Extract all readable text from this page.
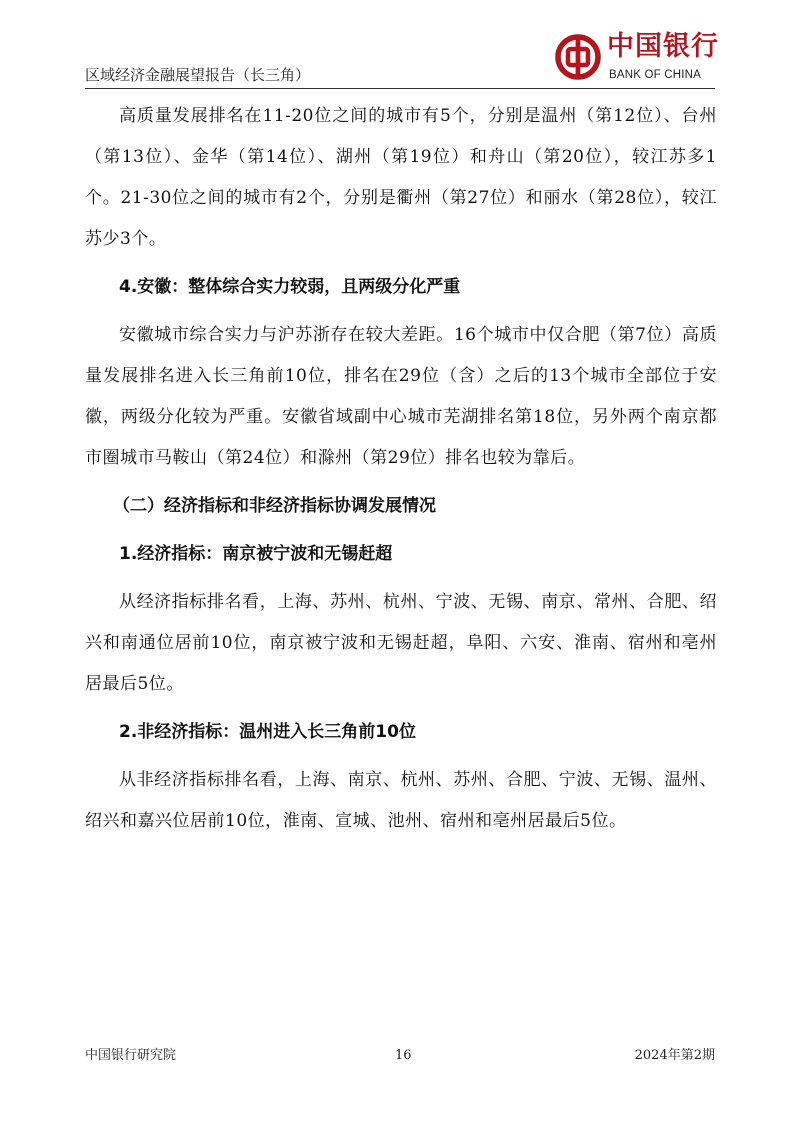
区域经济金融展望报告（长三角）
中国银行
BANK OF CHINA

高质量发展排名在11-20位之间的城市有5个，分别是温州（第12位）、台州（第13位）、金华（第14位）、湖州（第19位）和舟山（第20位），较江苏多1个。21-30位之间的城市有2个，分别是衢州（第27位）和丽水（第28位），较江苏少3个。

4.安徽：整体综合实力较弱，且两级分化严重

安徽城市综合实力与沪苏浙存在较大差距。16个城市中仅合肥（第7位）高质量发展排名进入长三角前10位，排名在29位（含）之后的13个城市全部位于安徽，两级分化较为严重。安徽省域副中心城市芜湖排名第18位，另外两个南京都市圈城市马鞍山（第24位）和滁州（第29位）排名也较为靠后。

（二）经济指标和非经济指标协调发展情况
1.经济指标：南京被宁波和无锡赶超

从经济指标排名看，上海、苏州、杭州、宁波、无锡、南京、常州、合肥、绍兴和南通位居前10位，南京被宁波和无锡赶超，阜阳、六安、淮南、宿州和亳州居最后5位。

2.非经济指标：温州进入长三角前10位

从非经济指标排名看，上海、南京、杭州、苏州、合肥、宁波、无锡、温州、绍兴和嘉兴位居前10位，淮南、宣城、池州、宿州和亳州居最后5位。

中国银行研究院	16	2024年第2期
